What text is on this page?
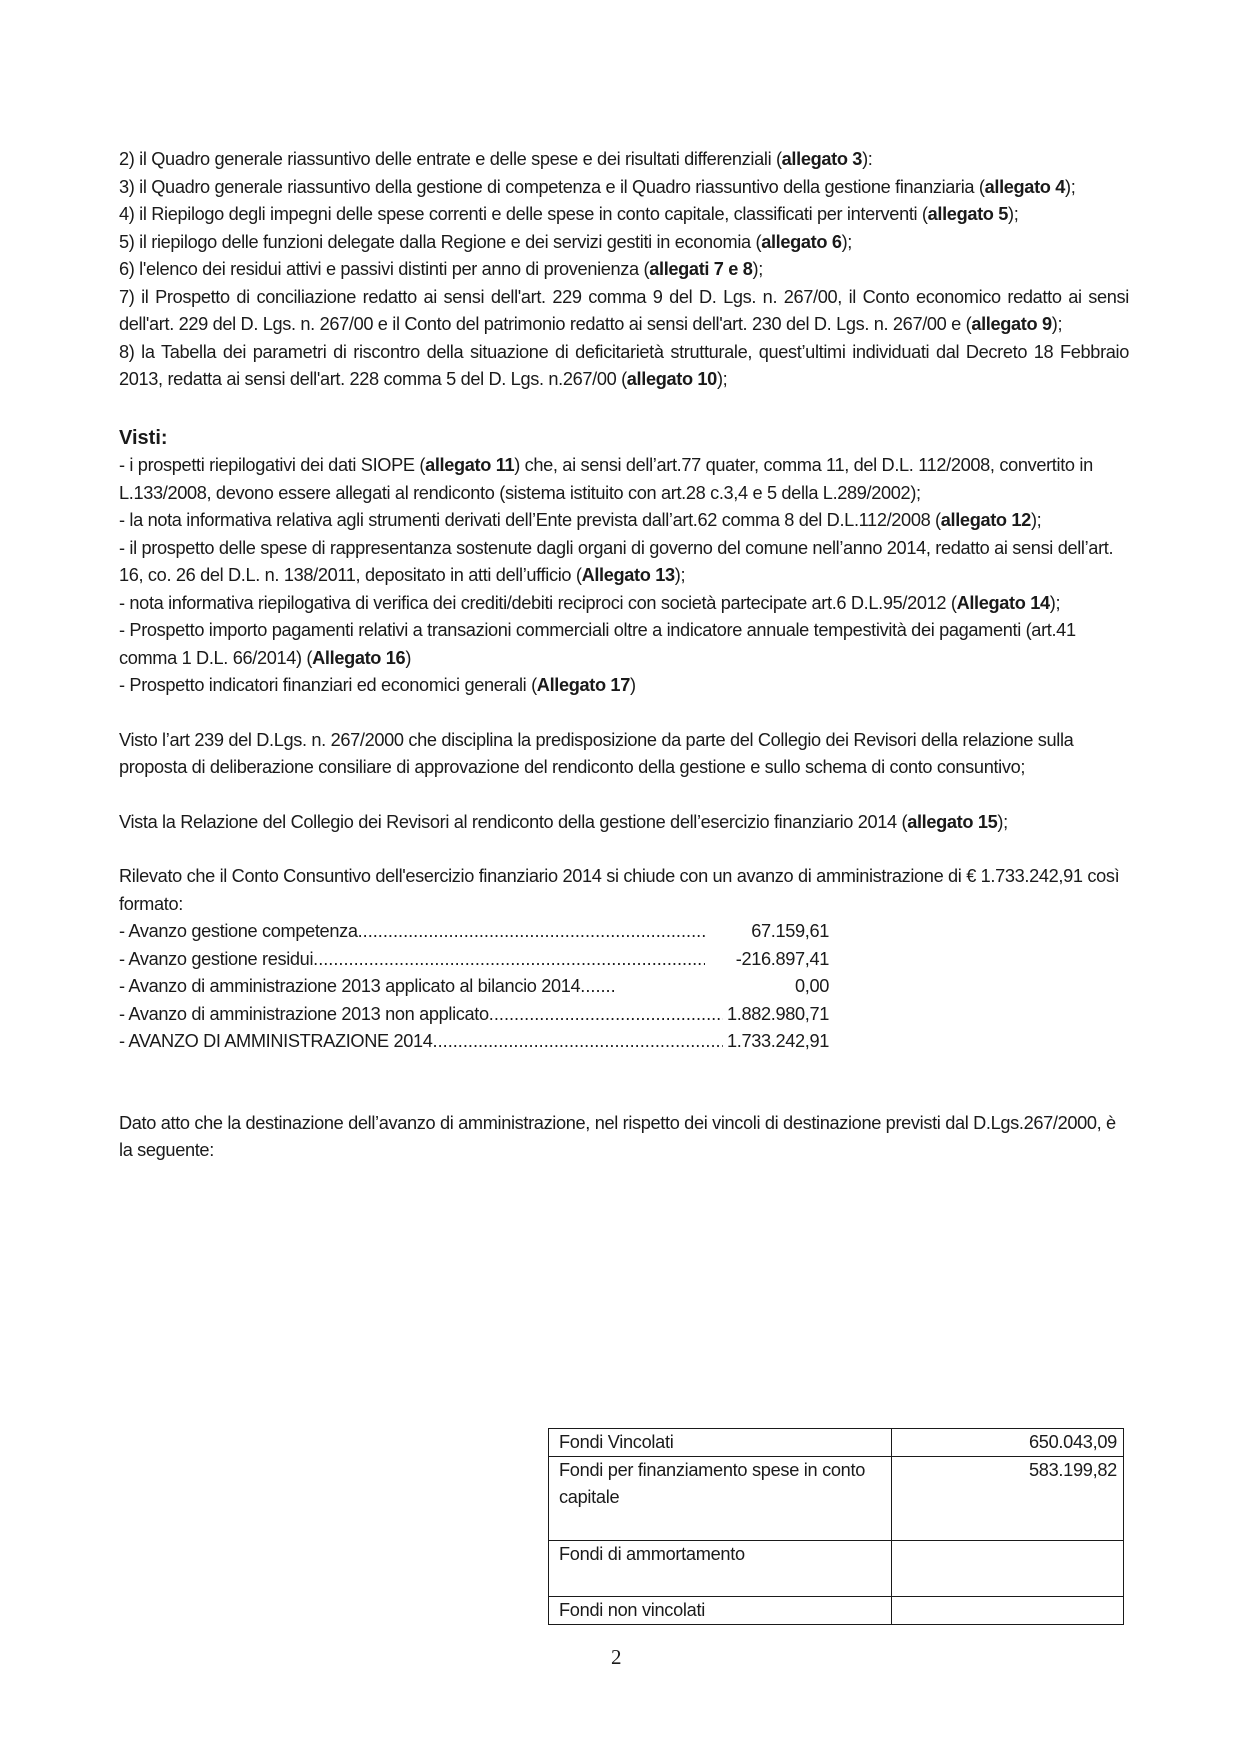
2) il Quadro generale riassuntivo delle entrate e delle spese e dei risultati differenziali (allegato 3):

3) il Quadro generale riassuntivo della gestione di competenza e il Quadro riassuntivo della gestione finanziaria (allegato 4);

4) il Riepilogo degli impegni delle spese correnti e delle spese in conto capitale, classificati per interventi (allegato 5);

5) il riepilogo delle funzioni delegate dalla Regione e dei servizi gestiti in economia (allegato 6);

6) l'elenco dei residui attivi e passivi distinti per anno di provenienza (allegati 7 e 8);

7) il Prospetto di conciliazione redatto ai sensi dell'art. 229 comma 9 del D. Lgs. n. 267/00, il Conto economico redatto ai sensi dell'art. 229 del D. Lgs. n. 267/00 e il Conto del patrimonio redatto ai sensi dell'art. 230 del D. Lgs. n. 267/00 e (allegato 9);

8) la Tabella dei parametri di riscontro della situazione di deficitarietà strutturale, quest’ultimi individuati dal Decreto 18 Febbraio 2013, redatta ai sensi dell'art. 228 comma 5 del D. Lgs. n.267/00 (allegato 10);

Visti:

- i prospetti riepilogativi dei dati SIOPE (allegato 11) che, ai sensi dell’art.77 quater, comma 11, del D.L. 112/2008, convertito in L.133/2008, devono essere allegati al rendiconto (sistema istituito con art.28 c.3,4 e 5 della L.289/2002);

- la nota informativa relativa agli strumenti derivati dell’Ente prevista dall’art.62 comma 8 del D.L.112/2008 (allegato 12);

- il prospetto delle spese di rappresentanza sostenute dagli organi di governo del comune nell’anno 2014, redatto ai sensi dell’art. 16, co. 26 del D.L. n. 138/2011, depositato in atti dell’ufficio (Allegato 13);

- nota informativa riepilogativa di verifica dei crediti/debiti reciproci con società partecipate art.6 D.L.95/2012 (Allegato 14);

- Prospetto importo pagamenti relativi a transazioni commerciali oltre a indicatore annuale tempestività dei pagamenti (art.41 comma 1 D.L. 66/2014) (Allegato 16)

- Prospetto indicatori finanziari ed economici generali (Allegato 17)

Visto l’art 239 del D.Lgs. n. 267/2000 che disciplina la predisposizione da parte del Collegio dei Revisori della relazione sulla proposta di deliberazione consiliare di approvazione del rendiconto della gestione e sullo schema di conto consuntivo;

Vista la Relazione del Collegio dei Revisori al rendiconto della gestione dell’esercizio finanziario 2014 (allegato 15);

Rilevato che il Conto Consuntivo dell'esercizio finanziario 2014 si chiude con un avanzo di amministrazione di € 1.733.242,91 così formato:

- Avanzo gestione competenza .....	67.159,61
- Avanzo gestione residui .....	-216.897,41
- Avanzo di amministrazione 2013 applicato al bilancio 2014 .....	0,00
- Avanzo di amministrazione 2013 non applicato .....	1.882.980,71
- AVANZO DI AMMINISTRAZIONE 2014 .....	1.733.242,91

Dato atto che la destinazione dell’avanzo di amministrazione, nel rispetto dei vincoli di destinazione previsti dal D.Lgs.267/2000, è la seguente:

Fondi Vincolati	650.043,09
Fondi per finanziamento spese in conto capitale	583.199,82
Fondi di ammortamento	
Fondi non vincolati	
2
